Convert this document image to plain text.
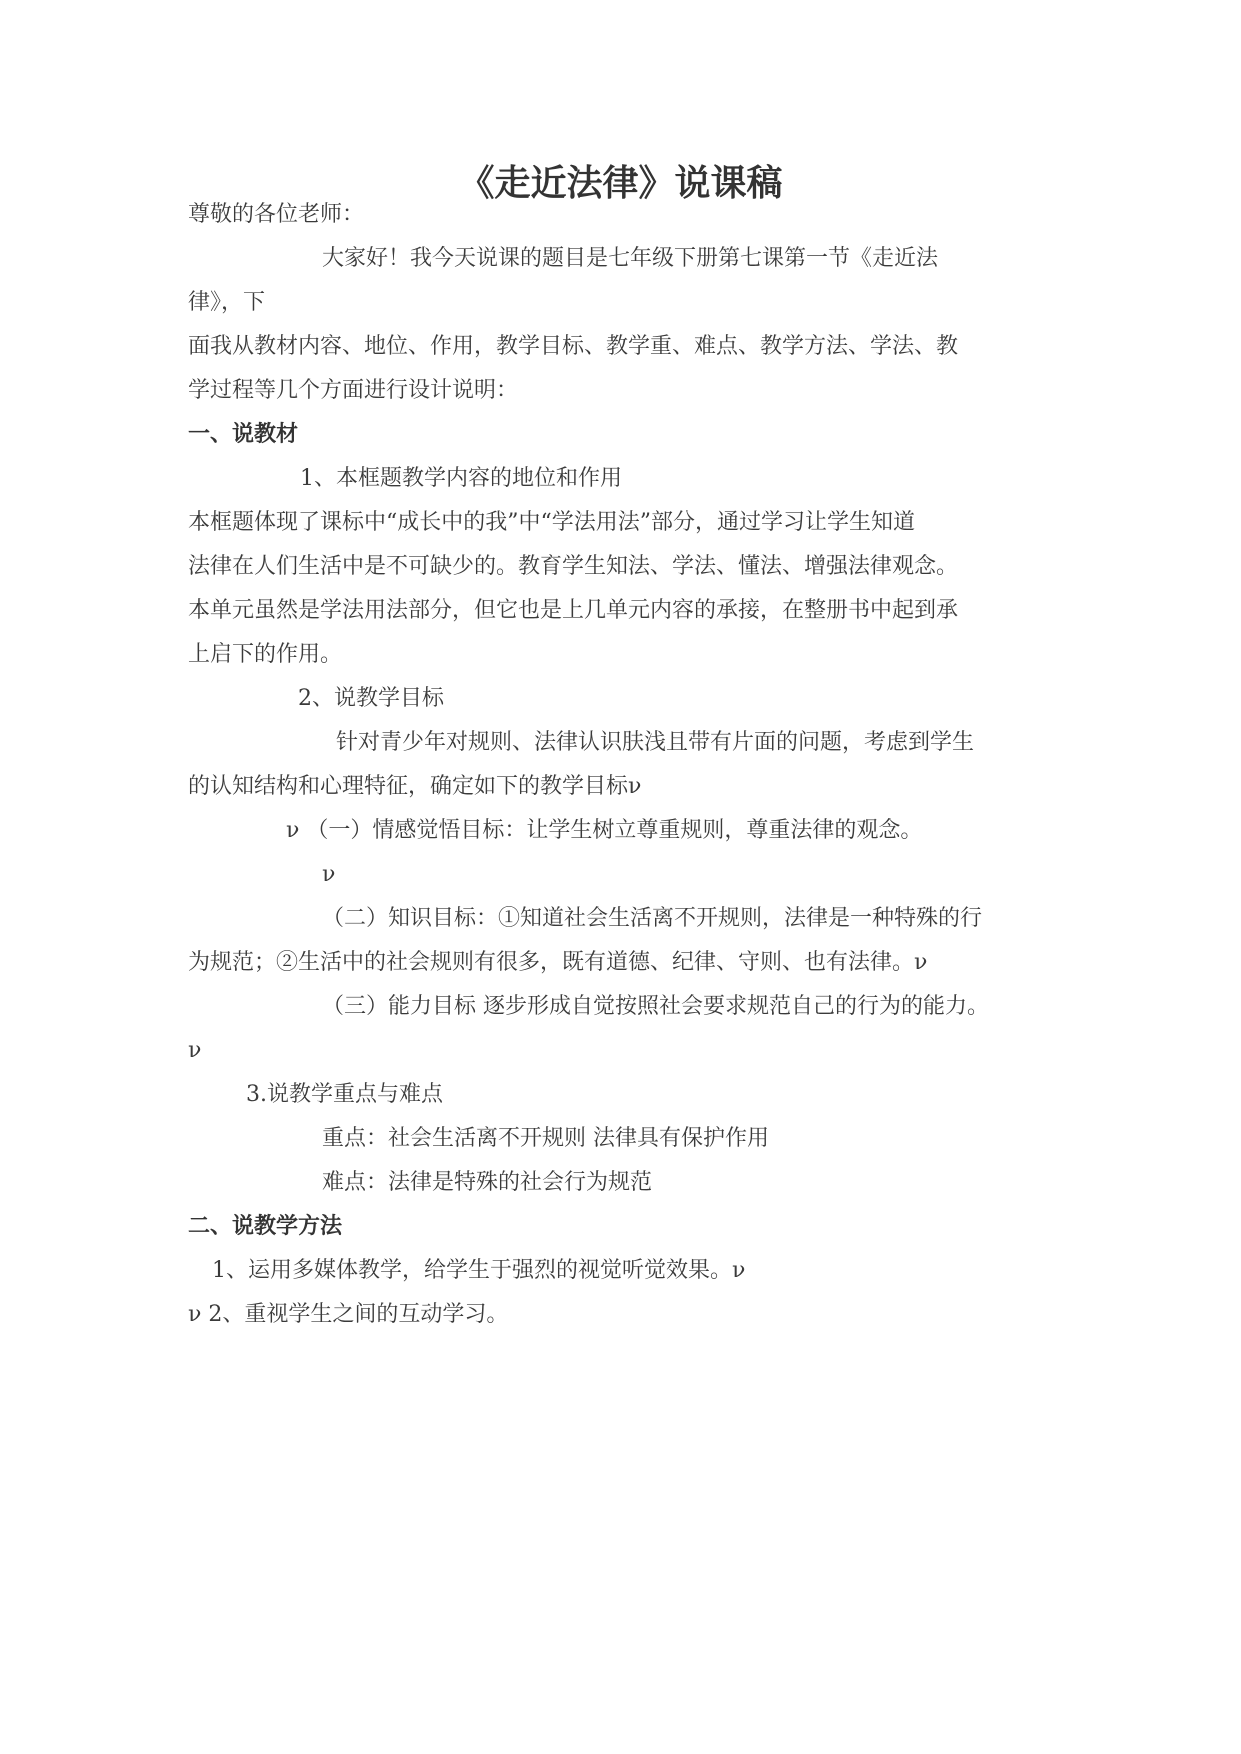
《走近法律》说课稿
尊敬的各位老师：
大家好！我今天说课的题目是七年级下册第七课第一节《走近法
律》，下
面我从教材内容、地位、作用，教学目标、教学重、难点、教学方法、学法、教
学过程等几个方面进行设计说明：
一、说教材
1、本框题教学内容的地位和作用
本框题体现了课标中“成长中的我”中“学法用法”部分，通过学习让学生知道
法律在人们生活中是不可缺少的。教育学生知法、学法、懂法、增强法律观念。
本单元虽然是学法用法部分，但它也是上几单元内容的承接，在整册书中起到承
上启下的作用。
2、说教学目标
针对青少年对规则、法律认识肤浅且带有片面的问题，考虑到学生
的认知结构和心理特征，确定如下的教学目标ν
ν （一）情感觉悟目标：让学生树立尊重规则，尊重法律的观念。
ν
（二）知识目标：①知道社会生活离不开规则，法律是一种特殊的行
为规范；②生活中的社会规则有很多，既有道德、纪律、守则、也有法律。ν
（三）能力目标 逐步形成自觉按照社会要求规范自己的行为的能力。
ν
3.说教学重点与难点
重点：社会生活离不开规则 法律具有保护作用
难点：法律是特殊的社会行为规范
二、说教学方法
1、运用多媒体教学，给学生于强烈的视觉听觉效果。ν
ν 2、重视学生之间的互动学习。
